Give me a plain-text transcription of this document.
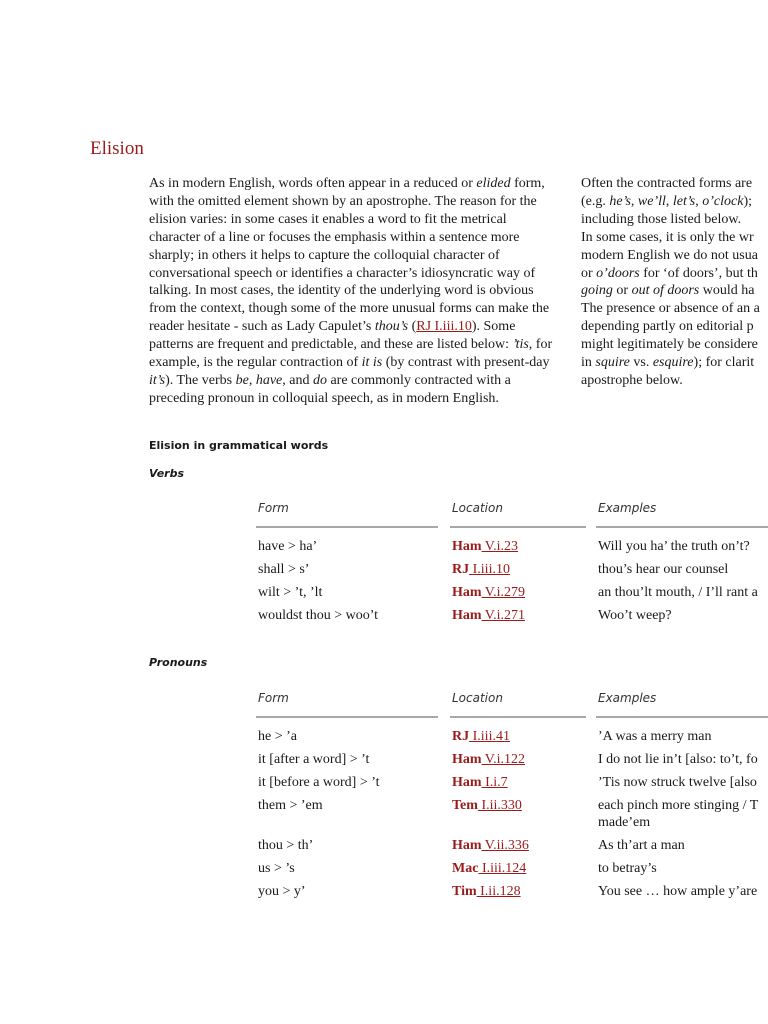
Elision
As in modern English, words often appear in a reduced or elided form, with the omitted element shown by an apostrophe. The reason for the elision varies: in some cases it enables a word to fit the metrical character of a line or focuses the emphasis within a sentence more sharply; in others it helps to capture the colloquial character of conversational speech or identifies a character’s idiosyncratic way of talking. In most cases, the identity of the underlying word is obvious from the context, though some of the more unusual forms can make the reader hesitate - such as Lady Capulet’s thou’s (RJ I.iii.10). Some patterns are frequent and predictable, and these are listed below: ’tis, for example, is the regular contraction of it is (by contrast with present-day it’s). The verbs be, have, and do are commonly contracted with a preceding pronoun in colloquial speech, as in modern English.
Often the contracted forms are
(e.g. he’s, we’ll, let’s, o’clock);
including those listed below.
In some cases, it is only the wr
modern English we do not usua
or o’doors for ‘of doors’, but th
going or out of doors would ha
The presence or absence of an a
depending partly on editorial p
might legitimately be considere
in squire vs. esquire); for clarit
apostrophe below.
Elision in grammatical words
Verbs
Form	Location	Examples
have > ha’	Ham V.i.23	Will you ha’ the truth on’t?
shall > s’	RJ I.iii.10	thou’s hear our counsel
wilt > ’t, ’lt	Ham V.i.279	an thou’lt mouth, / I’ll rant a
wouldst thou > woo’t	Ham V.i.271	Woo’t weep?
Pronouns
Form	Location	Examples
he > ’a	RJ I.iii.41	’A was a merry man
it [after a word] > ’t	Ham V.i.122	I do not lie in’t [also: to’t, fo
it [before a word] > ’t	Ham I.i.7	’Tis now struck twelve [also
them > ’em	Tem I.ii.330	each pinch more stinging / T
made’em
thou > th’	Ham V.ii.336	As th’art a man
us > ’s	Mac I.iii.124	to betray’s
you > y’	Tim I.ii.128	You see … how ample y’are
